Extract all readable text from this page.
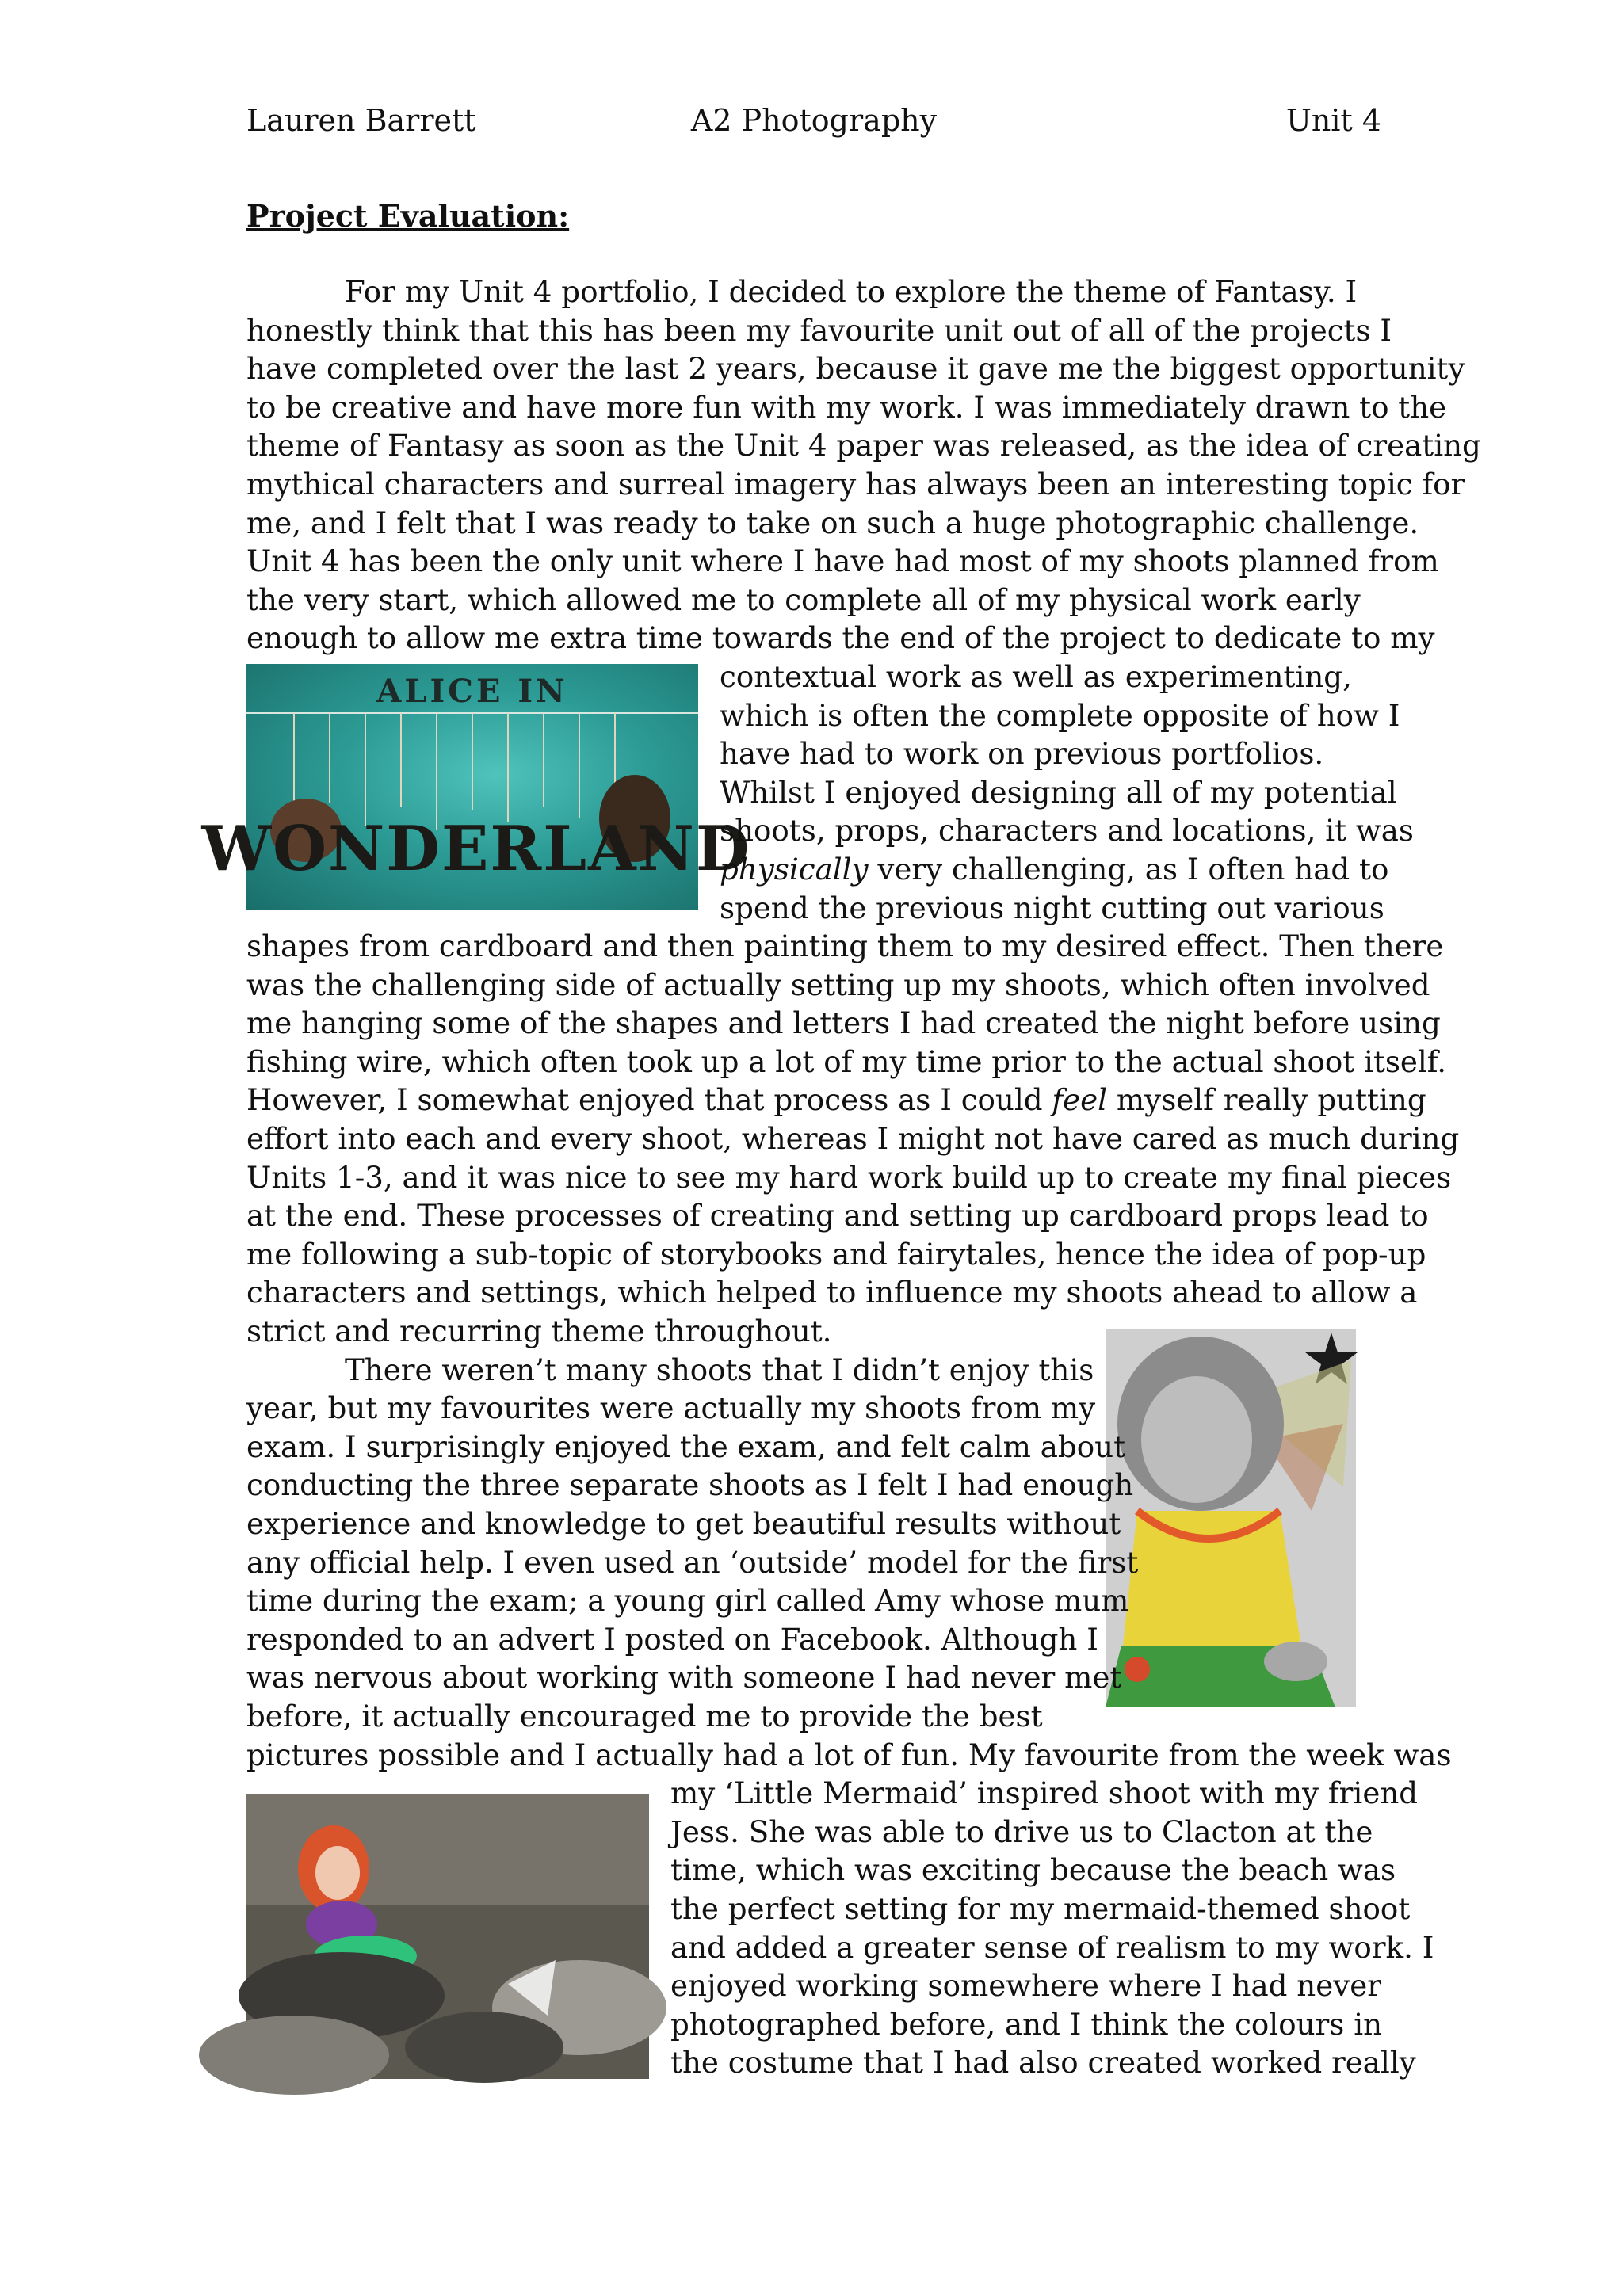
Lauren Barrett	A2 Photography	Unit 4
Project Evaluation:
ALICE IN
WONDERLAND
For my Unit 4 portfolio, I decided to explore the theme of Fantasy. I
honestly think that this has been my favourite unit out of all of the projects I
have completed over the last 2 years, because it gave me the biggest opportunity
to be creative and have more fun with my work. I was immediately drawn to the
theme of Fantasy as soon as the Unit 4 paper was released, as the idea of creating
mythical characters and surreal imagery has always been an interesting topic for
me, and I felt that I was ready to take on such a huge photographic challenge.
Unit 4 has been the only unit where I have had most of my shoots planned from
the very start, which allowed me to complete all of my physical work early
enough to allow me extra time towards the end of the project to dedicate to my
contextual work as well as experimenting,
which is often the complete opposite of how I
have had to work on previous portfolios.
Whilst I enjoyed designing all of my potential
shoots, props, characters and locations, it was
physically very challenging, as I often had to
spend the previous night cutting out various
shapes from cardboard and then painting them to my desired effect. Then there
was the challenging side of actually setting up my shoots, which often involved
me hanging some of the shapes and letters I had created the night before using
fishing wire, which often took up a lot of my time prior to the actual shoot itself.
However, I somewhat enjoyed that process as I could feel myself really putting
effort into each and every shoot, whereas I might not have cared as much during
Units 1-3, and it was nice to see my hard work build up to create my final pieces
at the end. These processes of creating and setting up cardboard props lead to
me following a sub-topic of storybooks and fairytales, hence the idea of pop-up
characters and settings, which helped to influence my shoots ahead to allow a
strict and recurring theme throughout.
There weren’t many shoots that I didn’t enjoy this
year, but my favourites were actually my shoots from my
exam. I surprisingly enjoyed the exam, and felt calm about
conducting the three separate shoots as I felt I had enough
experience and knowledge to get beautiful results without
any official help. I even used an ‘outside’ model for the first
time during the exam; a young girl called Amy whose mum
responded to an advert I posted on Facebook. Although I
was nervous about working with someone I had never met
before, it actually encouraged me to provide the best
pictures possible and I actually had a lot of fun. My favourite from the week was
my ‘Little Mermaid’ inspired shoot with my friend
Jess. She was able to drive us to Clacton at the
time, which was exciting because the beach was
the perfect setting for my mermaid-themed shoot
and added a greater sense of realism to my work. I
enjoyed working somewhere where I had never
photographed before, and I think the colours in
the costume that I had also created worked really
